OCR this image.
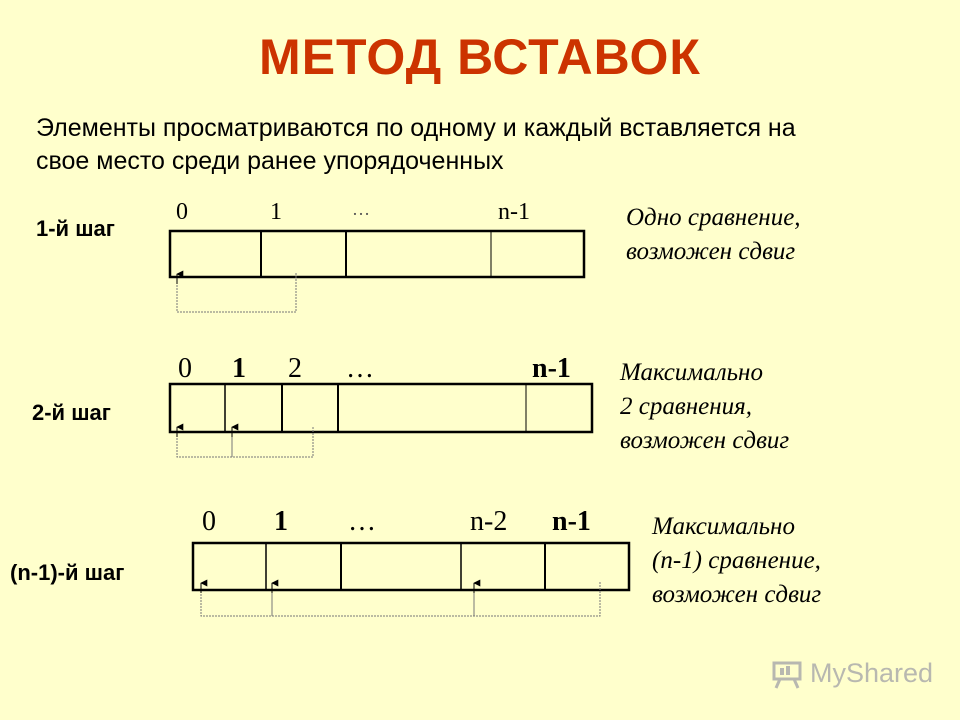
МЕТОД ВСТАВОК
Элементы просматриваются по одному и каждый вставляется на
свое место среди ранее упорядоченных
1-й шаг
0	1	…	n-1	Одно сравнение,
возможен сдвиг
2-й шаг
0 1 2 …	n-1 Максимально
2 сравнения,
возможен сдвиг
(n-1)-й шаг
0 1 …	n-2 n-1 Максимально
(n-1) сравнение,
возможен сдвиг
MyShared
